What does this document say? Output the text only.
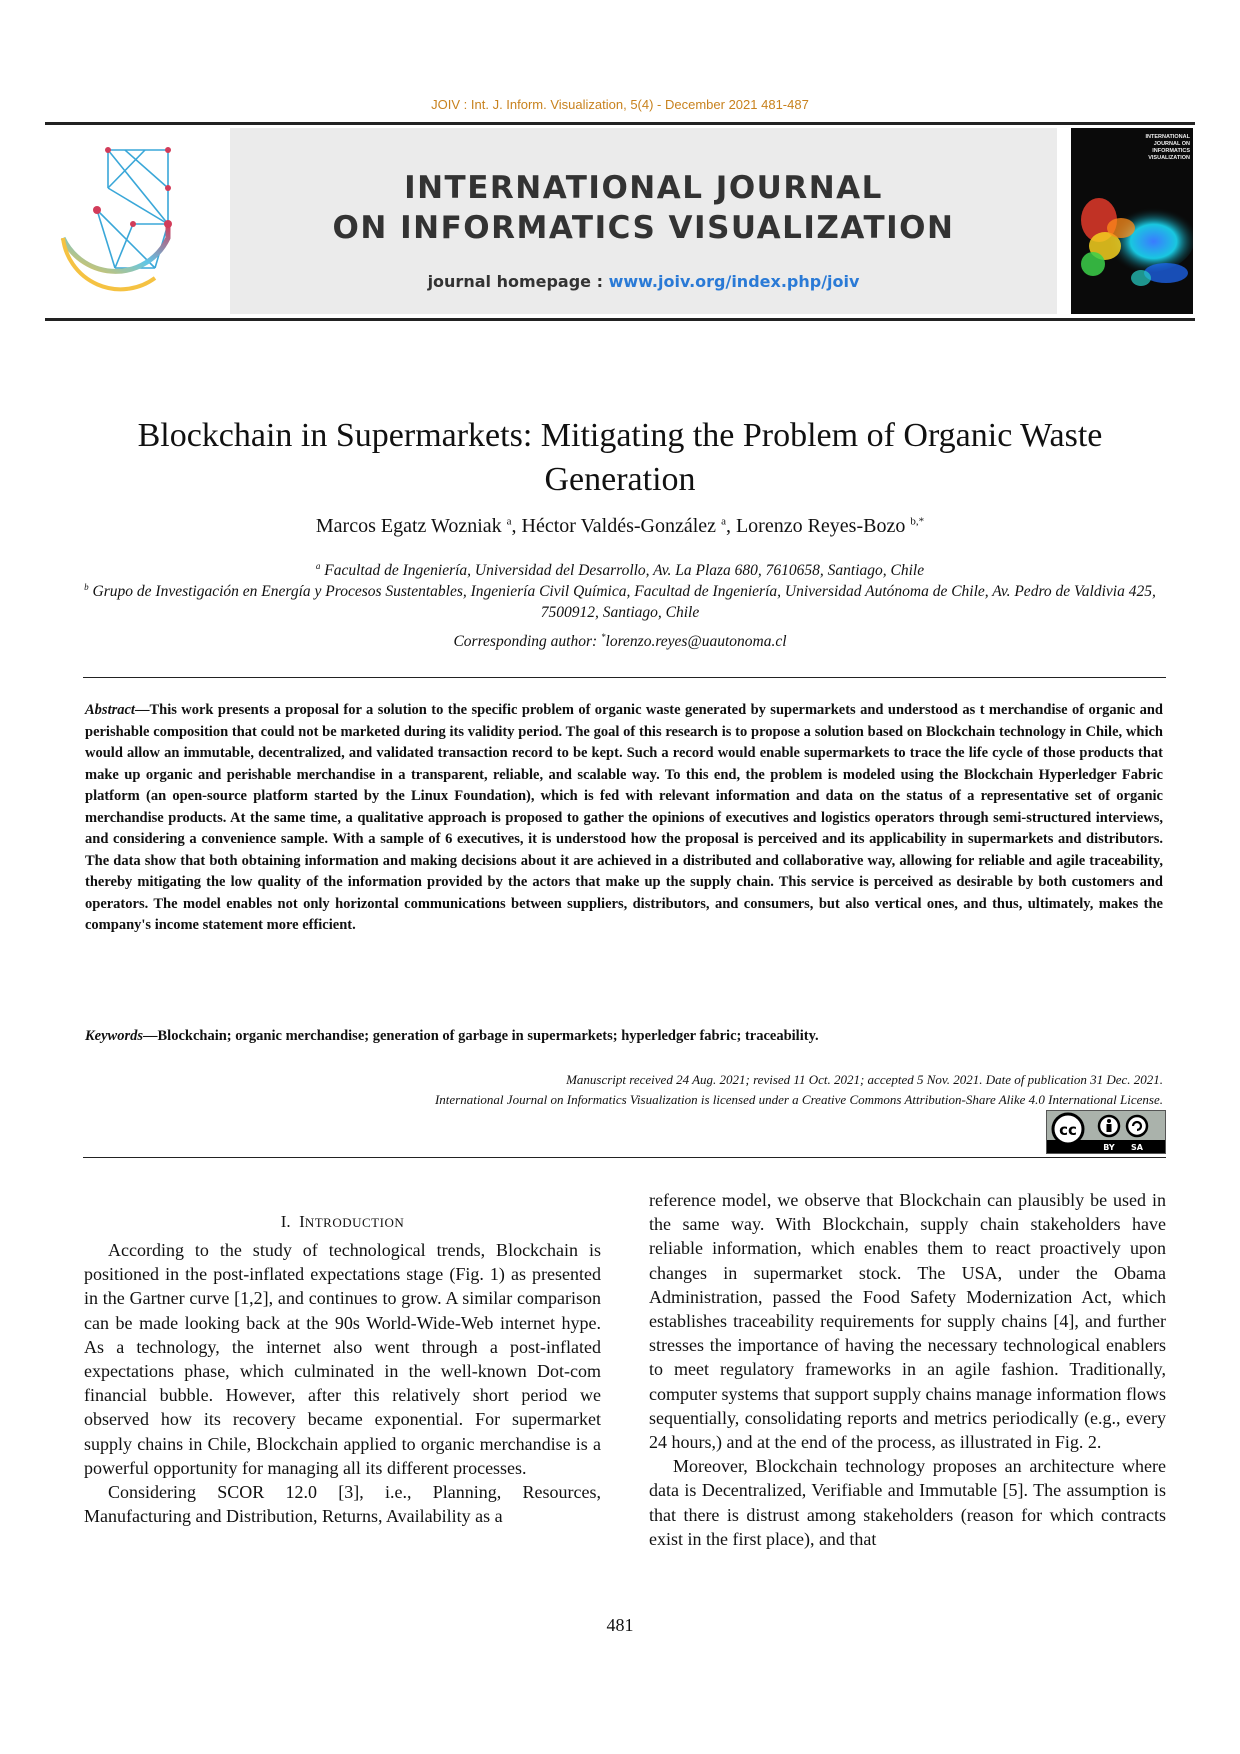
JOIV : Int. J. Inform. Visualization, 5(4) - December 2021 481-487
INTERNATIONAL JOURNAL
ON INFORMATICS VISUALIZATION
journal homepage : www.joiv.org/index.php/joiv
INTERNATIONAL
JOURNAL ON
INFORMATICS
VISUALIZATION
Blockchain in Supermarkets: Mitigating the Problem of Organic Waste Generation
Marcos Egatz Wozniak $^a$, Héctor Valdés-González $^a$, Lorenzo Reyes-Bozo $^{b,*}$
$^a$ Facultad de Ingeniería, Universidad del Desarrollo, Av. La Plaza 680, 7610658, Santiago, Chile
$^b$ Grupo de Investigación en Energía y Procesos Sustentables, Ingeniería Civil Química, Facultad de Ingeniería, Universidad Autónoma de Chile, Av. Pedro de Valdivia 425, 7500912, Santiago, Chile
Corresponding author: *lorenzo.reyes@uautonoma.cl
Abstract—This work presents a proposal for a solution to the specific problem of organic waste generated by supermarkets and understood as t merchandise of organic and perishable composition that could not be marketed during its validity period. The goal of this research is to propose a solution based on Blockchain technology in Chile, which would allow an immutable, decentralized, and validated transaction record to be kept. Such a record would enable supermarkets to trace the life cycle of those products that make up organic and perishable merchandise in a transparent, reliable, and scalable way. To this end, the problem is modeled using the Blockchain Hyperledger Fabric platform (an open-source platform started by the Linux Foundation), which is fed with relevant information and data on the status of a representative set of organic merchandise products. At the same time, a qualitative approach is proposed to gather the opinions of executives and logistics operators through semi-structured interviews, and considering a convenience sample. With a sample of 6 executives, it is understood how the proposal is perceived and its applicability in supermarkets and distributors. The data show that both obtaining information and making decisions about it are achieved in a distributed and collaborative way, allowing for reliable and agile traceability, thereby mitigating the low quality of the information provided by the actors that make up the supply chain. This service is perceived as desirable by both customers and operators. The model enables not only horizontal communications between suppliers, distributors, and consumers, but also vertical ones, and thus, ultimately, makes the company's income statement more efficient.
Keywords—Blockchain; organic merchandise; generation of garbage in supermarkets; hyperledger fabric; traceability.
Manuscript received 24 Aug. 2021; revised 11 Oct. 2021; accepted 5 Nov. 2021. Date of publication 31 Dec. 2021.
International Journal on Informatics Visualization is licensed under a Creative Commons Attribution-Share Alike 4.0 International License.
cc
BY SA
I. INTRODUCTION

According to the study of technological trends, Blockchain is positioned in the post-inflated expectations stage (Fig. 1) as presented in the Gartner curve [1,2], and continues to grow. A similar comparison can be made looking back at the 90s World-Wide-Web internet hype. As a technology, the internet also went through a post-inflated expectations phase, which culminated in the well-known Dot-com financial bubble. However, after this relatively short period we observed how its recovery became exponential. For supermarket supply chains in Chile, Blockchain applied to organic merchandise is a powerful opportunity for managing all its different processes.

Considering SCOR 12.0 [3], i.e., Planning, Resources, Manufacturing and Distribution, Returns, Availability as a

reference model, we observe that Blockchain can plausibly be used in the same way. With Blockchain, supply chain stakeholders have reliable information, which enables them to react proactively upon changes in supermarket stock. The USA, under the Obama Administration, passed the Food Safety Modernization Act, which establishes traceability requirements for supply chains [4], and further stresses the importance of having the necessary technological enablers to meet regulatory frameworks in an agile fashion. Traditionally, computer systems that support supply chains manage information flows sequentially, consolidating reports and metrics periodically (e.g., every 24 hours,) and at the end of the process, as illustrated in Fig. 2.

Moreover, Blockchain technology proposes an architecture where data is Decentralized, Verifiable and Immutable [5]. The assumption is that there is distrust among stakeholders (reason for which contracts exist in the first place), and that

481
